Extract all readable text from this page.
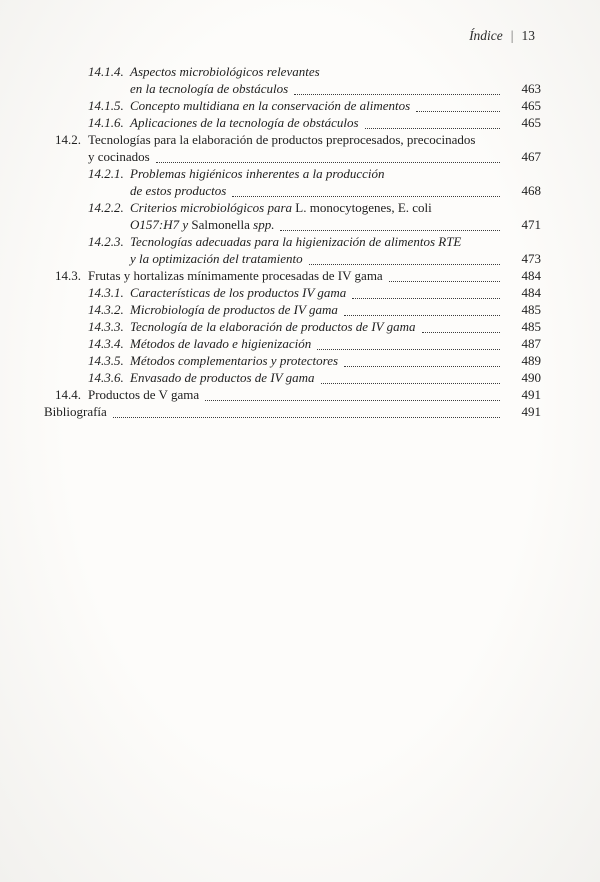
Índice | 13
14.1.4. Aspectos microbiológicos relevantes
en la tecnología de obstáculos	463
14.1.5. Concepto multidiana en la conservación de alimentos	465
14.1.6. Aplicaciones de la tecnología de obstáculos	465
14.2. Tecnologías para la elaboración de productos preprocesados, precocinados
y cocinados	467
14.2.1. Problemas higiénicos inherentes a la producción
de estos productos	468
14.2.2. Criterios microbiológicos para L. monocytogenes, E. coli
O157:H7 y Salmonella spp.	471
14.2.3. Tecnologías adecuadas para la higienización de alimentos RTE
y la optimización del tratamiento	473
14.3. Frutas y hortalizas mínimamente procesadas de IV gama	484
14.3.1. Características de los productos IV gama	484
14.3.2. Microbiología de productos de IV gama	485
14.3.3. Tecnología de la elaboración de productos de IV gama	485
14.3.4. Métodos de lavado e higienización	487
14.3.5. Métodos complementarios y protectores	489
14.3.6. Envasado de productos de IV gama	490
14.4. Productos de V gama	491
Bibliografía	491
